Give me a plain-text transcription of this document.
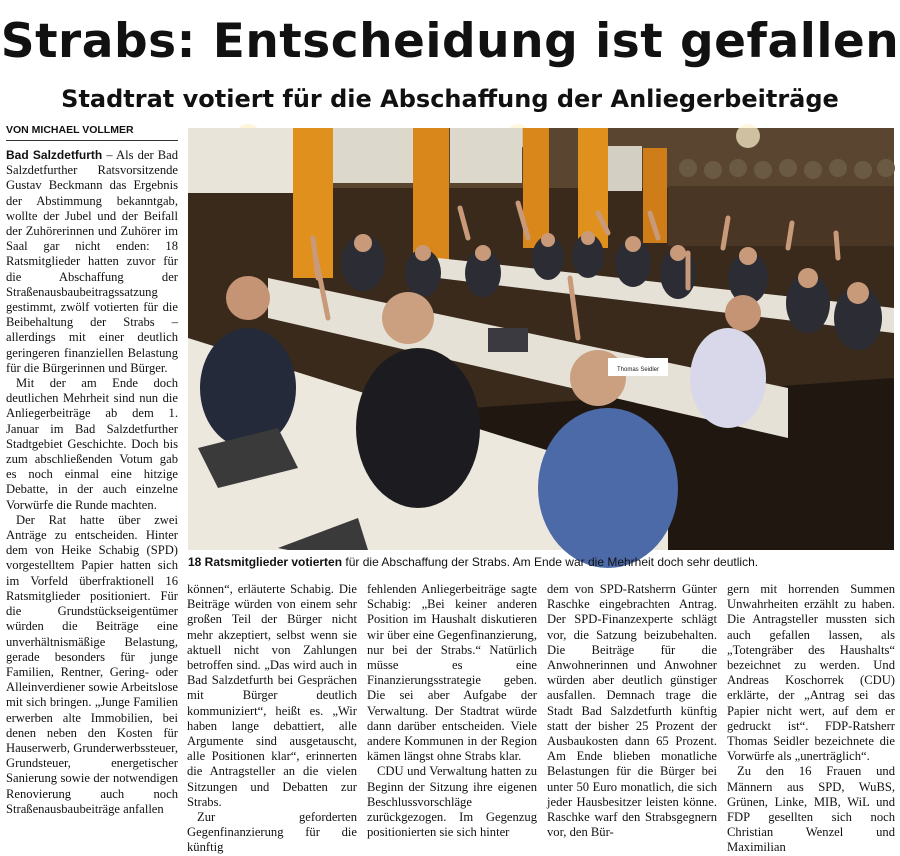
Strabs: Entscheidung ist gefallen
Stadtrat votiert für die Abschaffung der Anliegerbeiträge
VON MICHAEL VOLLMER

Bad Salzdetfurth – Als der Bad Salzdetfurther Ratsvorsitzende Gustav Beckmann das Ergebnis der Abstimmung bekanntgab, wollte der Jubel und der Beifall der Zuhörerinnen und Zuhörer im Saal gar nicht enden: 18 Ratsmitglieder hatten zuvor für die Abschaffung der Straßenausbaubeitragssatzung gestimmt, zwölf votierten für die Beibehaltung der Strabs – allerdings mit einer deutlich geringeren finanziellen Belastung für die Bürgerinnen und Bürger.

Mit der am Ende doch deutlichen Mehrheit sind nun die Anliegerbeiträge ab dem 1. Januar im Bad Salzdetfurther Stadtgebiet Geschichte. Doch bis zum abschließenden Votum gab es noch einmal eine hitzige Debatte, in der auch einzelne Vorwürfe die Runde machten.

Der Rat hatte über zwei Anträge zu entscheiden. Hinter dem von Heike Schabig (SPD) vorgestelltem Papier hatten sich im Vorfeld überfraktionell 16 Ratsmitglieder positioniert. Für die Grundstückseigentümer würden die Beiträge eine unverhältnismäßige Belastung, gerade besonders für junge Familien, Rentner, Gering- oder Alleinverdiener sowie Arbeitslose mit sich bringen. „Junge Familien erwerben alte Immobilien, bei denen neben den Kosten für Hauserwerb, Grunderwerbssteuer, Grundsteuer, energetischer Sanierung sowie der notwendigen Renovierung auch noch Straßenausbaubeiträge anfallen

Thomas Seidler
18 Ratsmitglieder votierten für die Abschaffung der Strabs. Am Ende war die Mehrheit doch sehr deutlich.

können“, erläuterte Schabig. Die Beiträge würden von einem sehr großen Teil der Bürger nicht mehr akzeptiert, selbst wenn sie aktuell nicht von Zahlungen betroffen sind. „Das wird auch in Bad Salzdetfurth bei Gesprächen mit Bürger deutlich kommuniziert“, heißt es. „Wir haben lange debattiert, alle Argumente sind ausgetauscht, alle Positionen klar“, erinnerten die Antragsteller an die vielen Sitzungen und Debatten zur Strabs.

Zur geforderten Gegenfinanzierung für die künftig

fehlenden Anliegerbeiträge sagte Schabig: „Bei keiner anderen Position im Haushalt diskutieren wir über eine Gegenfinanzierung, nur bei der Strabs.“ Natürlich müsse es eine Finanzierungsstrategie geben. Die sei aber Aufgabe der Verwaltung. Der Stadtrat würde dann darüber entscheiden. Viele andere Kommunen in der Region kämen längst ohne Strabs klar.

CDU und Verwaltung hatten zu Beginn der Sitzung ihre eigenen Beschlussvorschläge zurückgezogen. Im Gegenzug positionierten sie sich hinter

dem von SPD-Ratsherrn Günter Raschke eingebrachten Antrag. Der SPD-Finanzexperte schlägt vor, die Satzung beizubehalten. Die Beiträge für die Anwohnerinnen und Anwohner würden aber deutlich günstiger ausfallen. Demnach trage die Stadt Bad Salzdetfurth künftig statt der bisher 25 Prozent der Ausbaukosten dann 65 Prozent. Am Ende blieben monatliche Belastungen für die Bürger bei unter 50 Euro monatlich, die sich jeder Hausbesitzer leisten könne. Raschke warf den Strabsgegnern vor, den Bür-

gern mit horrenden Summen Unwahrheiten erzählt zu haben. Die Antragsteller mussten sich auch gefallen lassen, als „Totengräber des Haushalts“ bezeichnet zu werden. Und Andreas Koschorrek (CDU) erklärte, der „Antrag sei das Papier nicht wert, auf dem er gedruckt ist“. FDP-Ratsherr Thomas Seidler bezeichnete die Vorwürfe als „unerträglich“.

Zu den 16 Frauen und Männern aus SPD, WuBS, Grünen, Linke, MIB, WiL und FDP gesellten sich noch Christian Wenzel und Maximilian
